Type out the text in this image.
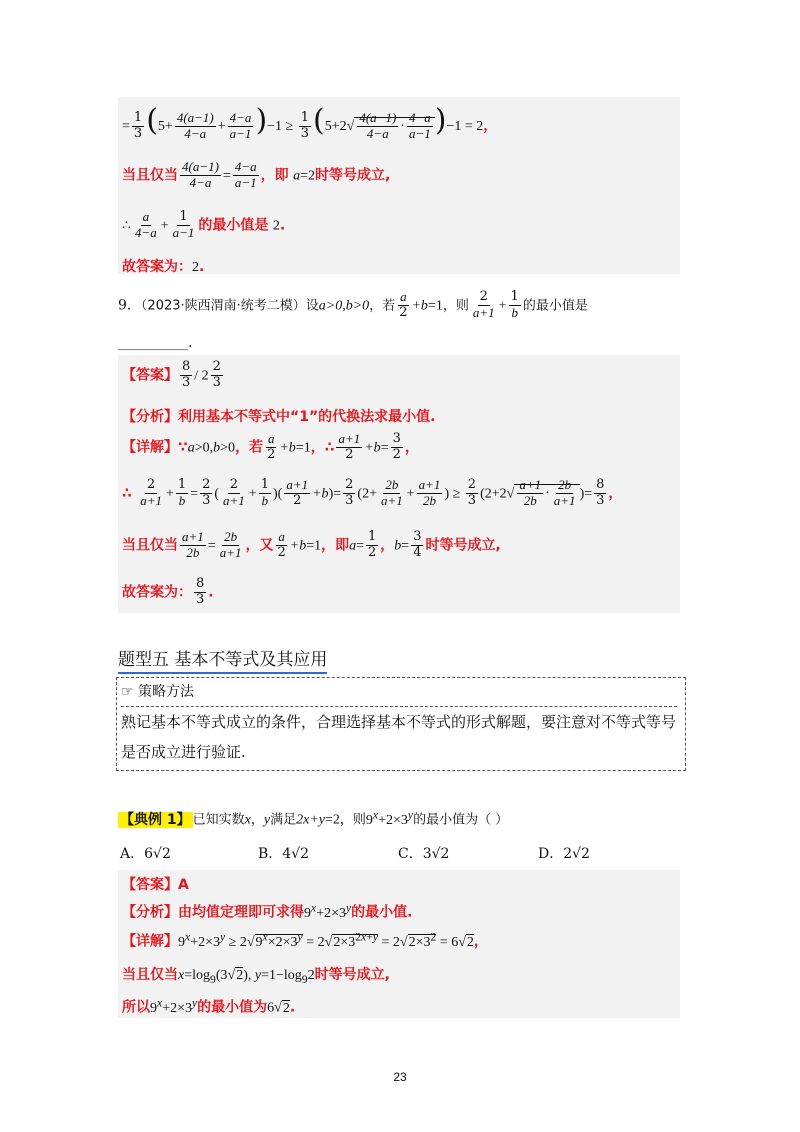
= $\frac{1}{3} (5+ \frac{4(a-1)}{4-a} + \frac{4-a}{a-1} )-1 \ge \frac{1}{3} (5+2√ \frac{4(a-1)}{4-a} \cdot \frac{4-a}{a-1} )-1 = 2$，
当且仅当 $\frac{4(a-1)}{4-a} = \frac{4-a}{a-1}$ ，即 a=2时等号成立,
∴ $\frac{a}{4-a} + \frac{1}{a-1}$ 的最小值是 2.
故答案为：2.
9．（2023·陕西渭南·统考二模）设a>0,b>0，若 $\frac{a}{2} +b=1$，则 $\frac{2}{a+1} + \frac{1}{b}$ 的最小值是
__________.
【答案】 $\frac{8}{3} / 2 \frac{2}{3}$
【分析】利用基本不等式中“1”的代换法求最小值.
【详解】∵a>0,b>0，若 $\frac{a}{2} +b=1$，∴ $\frac{a+1}{2} +b= \frac{3}{2}$ ，
∴ $\frac{2}{a+1} + \frac{1}{b} = \frac{2}{3}$ ( $\frac{2}{a+1} + \frac{1}{b}$ )( $\frac{a+1}{2} +b)= \frac{2}{3} (2+ \frac{2b}{a+1} + \frac{a+1}{2b}$ ) ≥ $\frac{2}{3} (2+2√ \frac{a+1}{2b} \cdot \frac{2b}{a+1}$ )= $\frac{8}{3}$ ，
当且仅当 $\frac{a+1}{2b} = \frac{2b}{a+1}$ ，又 $\frac{a}{2} +b=1$，即$a= \frac{1}{2}$ ，$b= \frac{3}{4}$ 时等号成立,
故答案为： $\frac{8}{3}$ .
题型五 基本不等式及其应用
☞ 策略方法
熟记基本不等式成立的条件，合理选择基本不等式的形式解题，要注意对不等式等号是否成立进行验证.
【典例 1】 已知实数x，y满足2x+y=2，则$9^x+2\times 3^y$的最小值为（ ）
A．6√2	B．4√2	C．3√2	D．2√2
【答案】A
【分析】由均值定理即可求得$9^x+2\times 3^y$的最小值.
【详解】$9^x+2\times 3^y \ge 2√9^x\times 2\times 3^y = 2√2\times 3^{2x+y} = 2√2\times 3^2 = 6√2$，
当且仅当$x=\log_9(3√2)$, $y=1-\log_92$时等号成立,
所以$9^x+2\times 3^y$的最小值为6√2.
23
